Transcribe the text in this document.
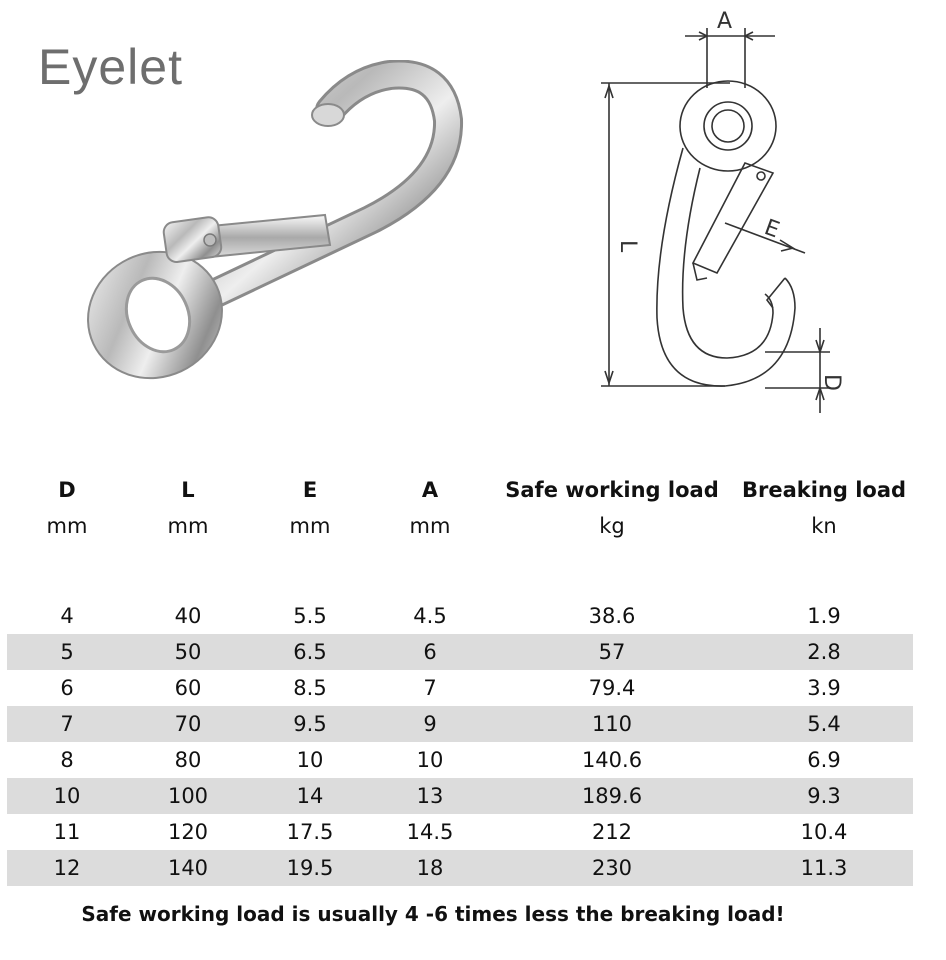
Eyelet
A
L
E
D
D	L	E	A	Safe working load	Breaking load
mm	mm	mm	mm	kg	kn

4	40	5.5	4.5	38.6	1.9
5	50	6.5	6	57	2.8
6	60	8.5	7	79.4	3.9
7	70	9.5	9	110	5.4
8	80	10	10	140.6	6.9
10	100	14	13	189.6	9.3
11	120	17.5	14.5	212	10.4
12	140	19.5	18	230	11.3
Safe working load is usually 4 -6 times less the breaking load!
